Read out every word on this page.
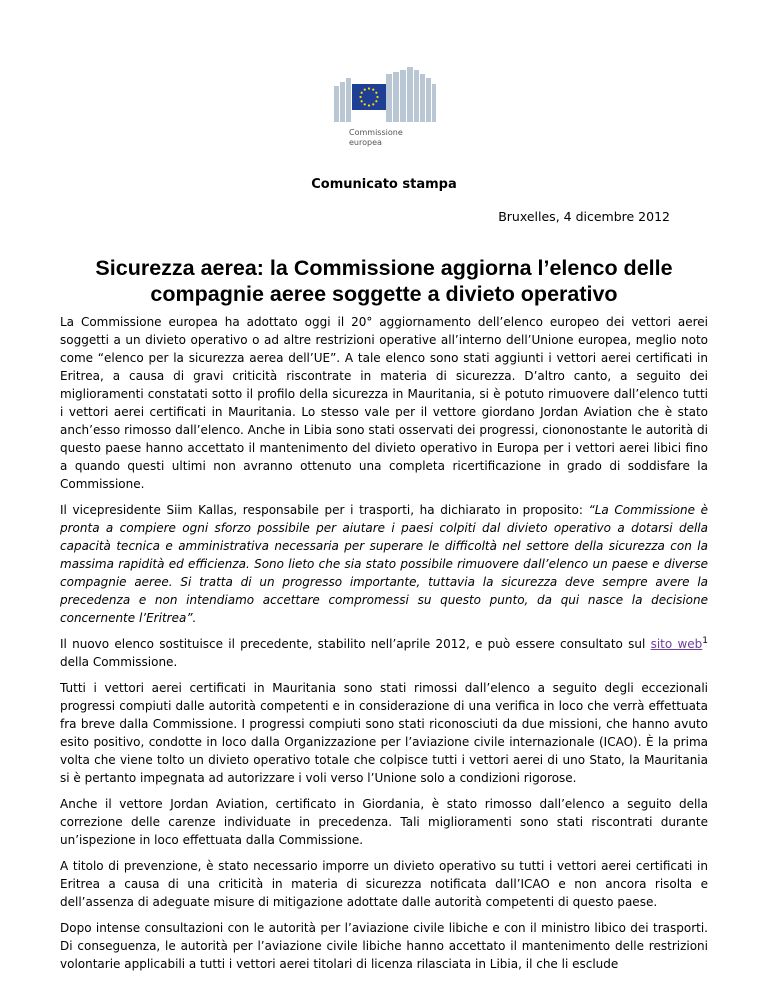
Commissione
europea
Comunicato stampa
Bruxelles, 4 dicembre 2012
Sicurezza aerea: la Commissione aggiorna l’elenco delle compagnie aeree soggette a divieto operativo

La Commissione europea ha adottato oggi il 20° aggiornamento dell’elenco europeo dei vettori aerei soggetti a un divieto operativo o ad altre restrizioni operative all’interno dell’Unione europea, meglio noto come “elenco per la sicurezza aerea dell’UE”. A tale elenco sono stati aggiunti i vettori aerei certificati in Eritrea, a causa di gravi criticità riscontrate in materia di sicurezza. D’altro canto, a seguito dei miglioramenti constatati sotto il profilo della sicurezza in Mauritania, si è potuto rimuovere dall’elenco tutti i vettori aerei certificati in Mauritania. Lo stesso vale per il vettore giordano Jordan Aviation che è stato anch’esso rimosso dall’elenco. Anche in Libia sono stati osservati dei progressi, ciononostante le autorità di questo paese hanno accettato il mantenimento del divieto operativo in Europa per i vettori aerei libici fino a quando questi ultimi non avranno ottenuto una completa ricertificazione in grado di soddisfare la Commissione.

Il vicepresidente Siim Kallas, responsabile per i trasporti, ha dichiarato in proposito: “La Commissione è pronta a compiere ogni sforzo possibile per aiutare i paesi colpiti dal divieto operativo a dotarsi della capacità tecnica e amministrativa necessaria per superare le difficoltà nel settore della sicurezza con la massima rapidità ed efficienza. Sono lieto che sia stato possibile rimuovere dall’elenco un paese e diverse compagnie aeree. Si tratta di un progresso importante, tuttavia la sicurezza deve sempre avere la precedenza e non intendiamo accettare compromessi su questo punto, da qui nasce la decisione concernente l’Eritrea”.

Il nuovo elenco sostituisce il precedente, stabilito nell’aprile 2012, e può essere consultato sul sito web$^1$ della Commissione.

Tutti i vettori aerei certificati in Mauritania sono stati rimossi dall’elenco a seguito degli eccezionali progressi compiuti dalle autorità competenti e in considerazione di una verifica in loco che verrà effettuata fra breve dalla Commissione. I progressi compiuti sono stati riconosciuti da due missioni, che hanno avuto esito positivo, condotte in loco dalla Organizzazione per l’aviazione civile internazionale (ICAO). È la prima volta che viene tolto un divieto operativo totale che colpisce tutti i vettori aerei di uno Stato, la Mauritania si è pertanto impegnata ad autorizzare i voli verso l’Unione solo a condizioni rigorose.

Anche il vettore Jordan Aviation, certificato in Giordania, è stato rimosso dall’elenco a seguito della correzione delle carenze individuate in precedenza. Tali miglioramenti sono stati riscontrati durante un’ispezione in loco effettuata dalla Commissione.

A titolo di prevenzione, è stato necessario imporre un divieto operativo su tutti i vettori aerei certificati in Eritrea a causa di una criticità in materia di sicurezza notificata dall’ICAO e non ancora risolta e dell’assenza di adeguate misure di mitigazione adottate dalle autorità competenti di questo paese.

Dopo intense consultazioni con le autorità per l’aviazione civile libiche e con il ministro libico dei trasporti. Di conseguenza, le autorità per l’aviazione civile libiche hanno accettato il mantenimento delle restrizioni volontarie applicabili a tutti i vettori aerei titolari di licenza rilasciata in Libia, il che li esclude
